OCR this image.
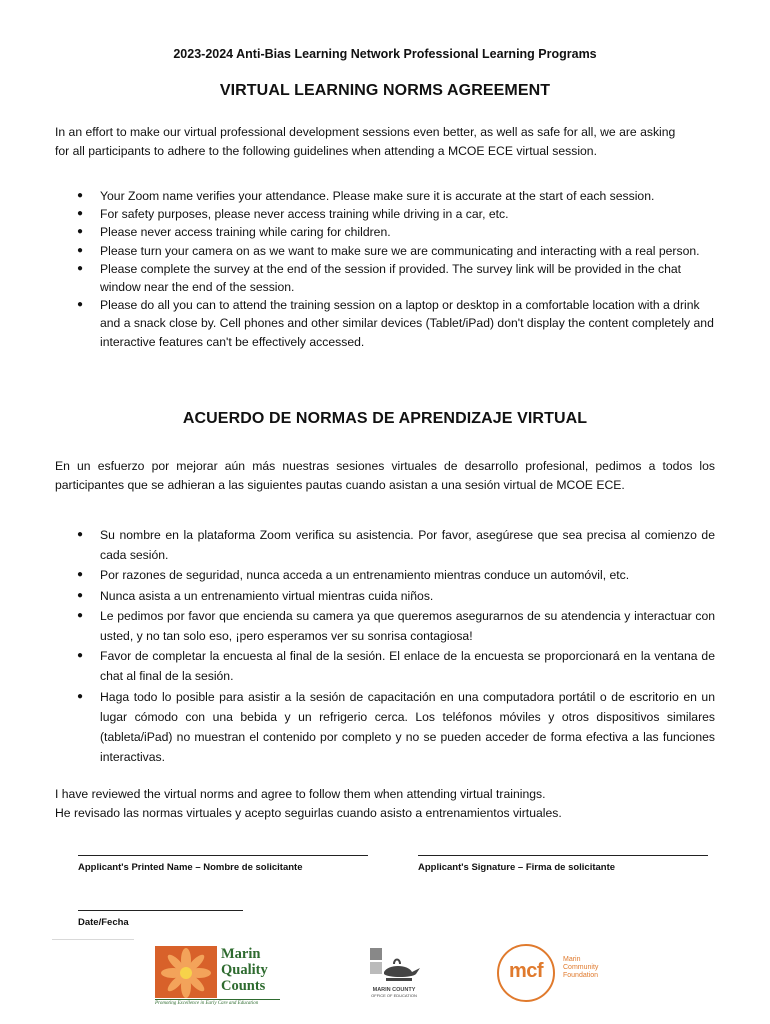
2023-2024 Anti-Bias Learning Network Professional Learning Programs
VIRTUAL LEARNING NORMS AGREEMENT
In an effort to make our virtual professional development sessions even better, as well as safe for all, we are asking
for all participants to adhere to the following guidelines when attending a MCOE ECE virtual session.
● Your Zoom name verifies your attendance. Please make sure it is accurate at the start of each session.
● For safety purposes, please never access training while driving in a car, etc.
● Please never access training while caring for children.
● Please turn your camera on as we want to make sure we are communicating and interacting with a real person.
● Please complete the survey at the end of the session if provided. The survey link will be provided in the chat window near the end of the session.
● Please do all you can to attend the training session on a laptop or desktop in a comfortable location with a drink and a snack close by. Cell phones and other similar devices (Tablet/iPad) don't display the content completely and interactive features can't be effectively accessed.
ACUERDO DE NORMAS DE APRENDIZAJE VIRTUAL
En un esfuerzo por mejorar aún más nuestras sesiones virtuales de desarrollo profesional, pedimos a todos los participantes que se adhieran a las siguientes pautas cuando asistan a una sesión virtual de MCOE ECE.
● Su nombre en la plataforma Zoom verifica su asistencia. Por favor, asegúrese que sea precisa al comienzo de cada sesión.
● Por razones de seguridad, nunca acceda a un entrenamiento mientras conduce un automóvil, etc.
● Nunca asista a un entrenamiento virtual mientras cuida niños.
● Le pedimos por favor que encienda su camera ya que queremos asegurarnos de su atendencia y interactuar con usted, y no tan solo eso, ¡pero esperamos ver su sonrisa contagiosa!
● Favor de completar la encuesta al final de la sesión. El enlace de la encuesta se proporcionará en la ventana de chat al final de la sesión.
● Haga todo lo posible para asistir a la sesión de capacitación en una computadora portátil o de escritorio en un lugar cómodo con una bebida y un refrigerio cerca. Los teléfonos móviles y otros dispositivos similares (tableta/iPad) no muestran el contenido por completo y no se pueden acceder de forma efectiva a las funciones interactivas.
I have reviewed the virtual norms and agree to follow them when attending virtual trainings.
He revisado las normas virtuales y acepto seguirlas cuando asisto a entrenamientos virtuales.
Applicant's Printed Name – Nombre de solicitante	Applicant's Signature – Firma de solicitante
Date/Fecha
Marin
Quality
Counts
Promoting Excellence in Early Care and Education
MARIN COUNTY
OFFICE OF EDUCATION
mcf
Marin
Community
Foundation
